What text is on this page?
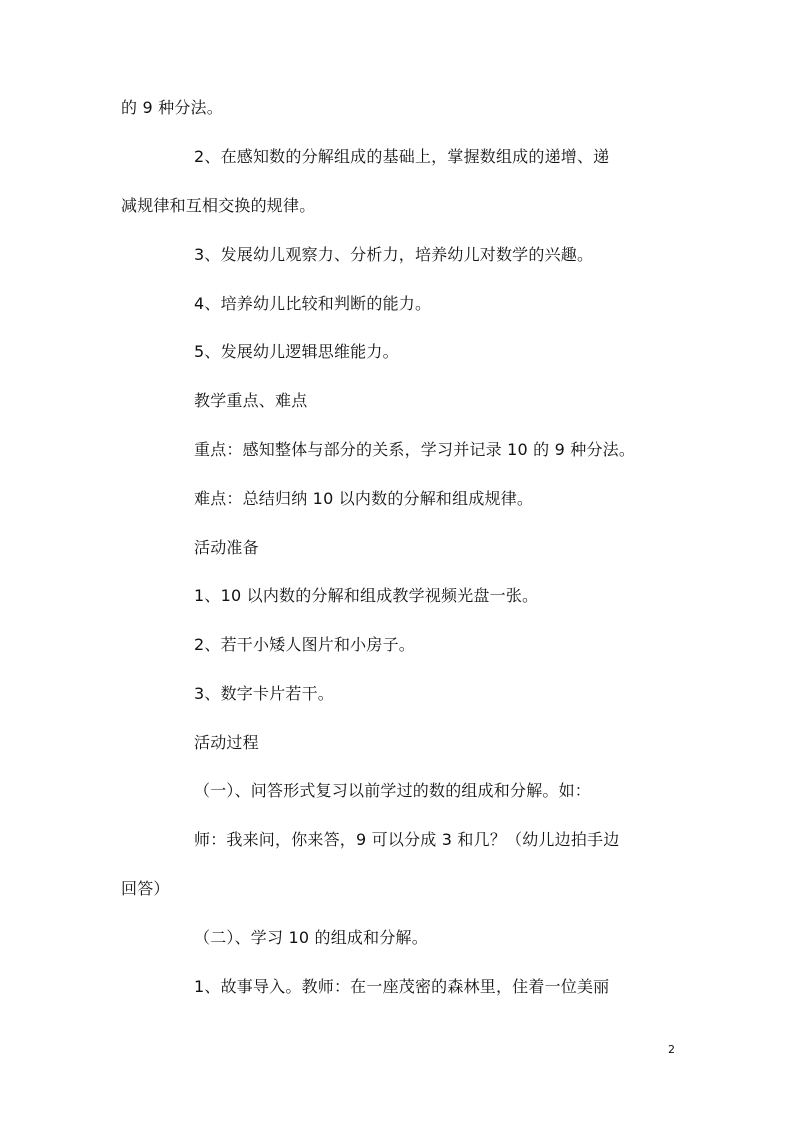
的 9 种分法。
2、在感知数的分解组成的基础上，掌握数组成的递增、递
减规律和互相交换的规律。
3、发展幼儿观察力、分析力，培养幼儿对数学的兴趣。
4、培养幼儿比较和判断的能力。
5、发展幼儿逻辑思维能力。
教学重点、难点
重点：感知整体与部分的关系，学习并记录 10 的 9 种分法。
难点：总结归纳 10 以内数的分解和组成规律。
活动准备
1、10 以内数的分解和组成教学视频光盘一张。
2、若干小矮人图片和小房子。
3、数字卡片若干。
活动过程
（一）、问答形式复习以前学过的数的组成和分解。如：
师：我来问，你来答，9 可以分成 3 和几？（幼儿边拍手边
回答）
（二）、学习 10 的组成和分解。
1、故事导入。教师：在一座茂密的森林里，住着一位美丽
2
